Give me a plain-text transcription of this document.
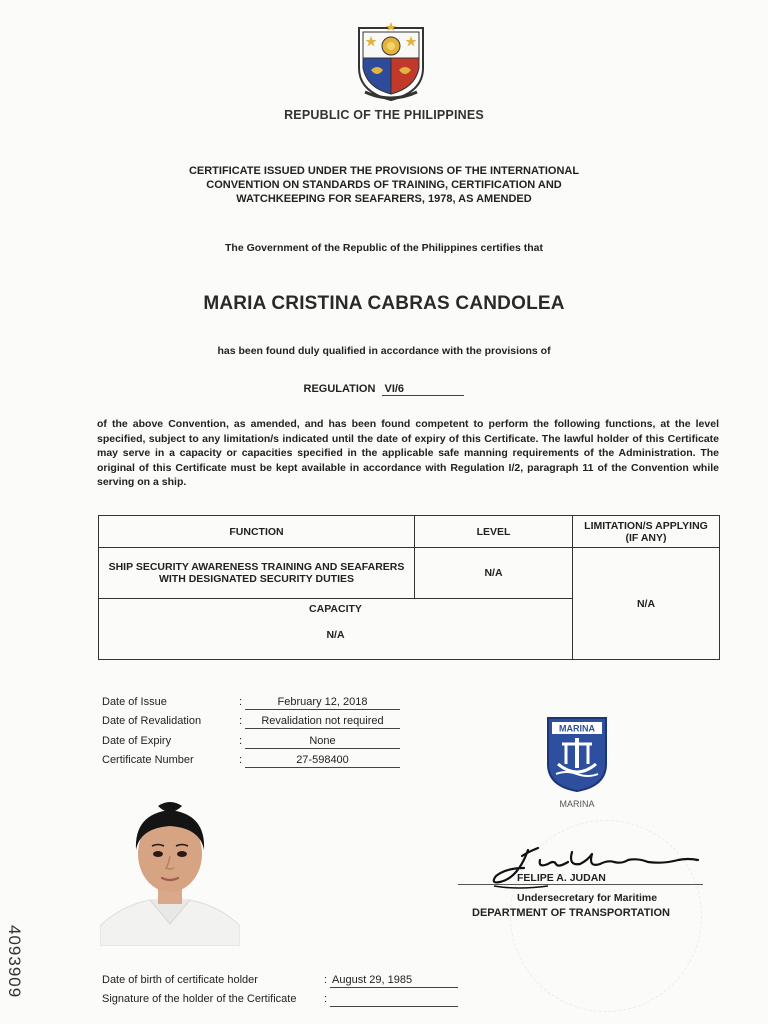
REPUBLIC OF THE PHILIPPINES
CERTIFICATE ISSUED UNDER THE PROVISIONS OF THE INTERNATIONAL
CONVENTION ON STANDARDS OF TRAINING, CERTIFICATION AND
WATCHKEEPING FOR SEAFARERS, 1978, AS AMENDED
The Government of the Republic of the Philippines certifies that
MARIA CRISTINA CABRAS CANDOLEA
has been found duly qualified in accordance with the provisions of
REGULATION VI/6
of the above Convention, as amended, and has been found competent to perform the following functions, at the level specified, subject to any limitation/s indicated until the date of expiry of this Certificate. The lawful holder of this Certificate may serve in a capacity or capacities specified in the applicable safe manning requirements of the Administration. The original of this Certificate must be kept available in accordance with Regulation I/2, paragraph 11 of the Convention while serving on a ship.
FUNCTION	LEVEL	LIMITATION/S APPLYING (IF ANY)
SHIP SECURITY AWARENESS TRAINING AND SEAFARERS WITH DESIGNATED SECURITY DUTIES	N/A	N/A

CAPACITY
N/A		
Date of Issue	:	February 12, 2018
Date of Revalidation	:	Revalidation not required
Date of Expiry	:	None
Certificate Number	:	27-598400
MARINA
MARINA
FELIPE A. JUDAN
Undersecretary for Maritime
DEPARTMENT OF TRANSPORTATION
4093909	Date of birth of certificate holder	: August 29, 1985
Signature of the holder of the Certificate	:
